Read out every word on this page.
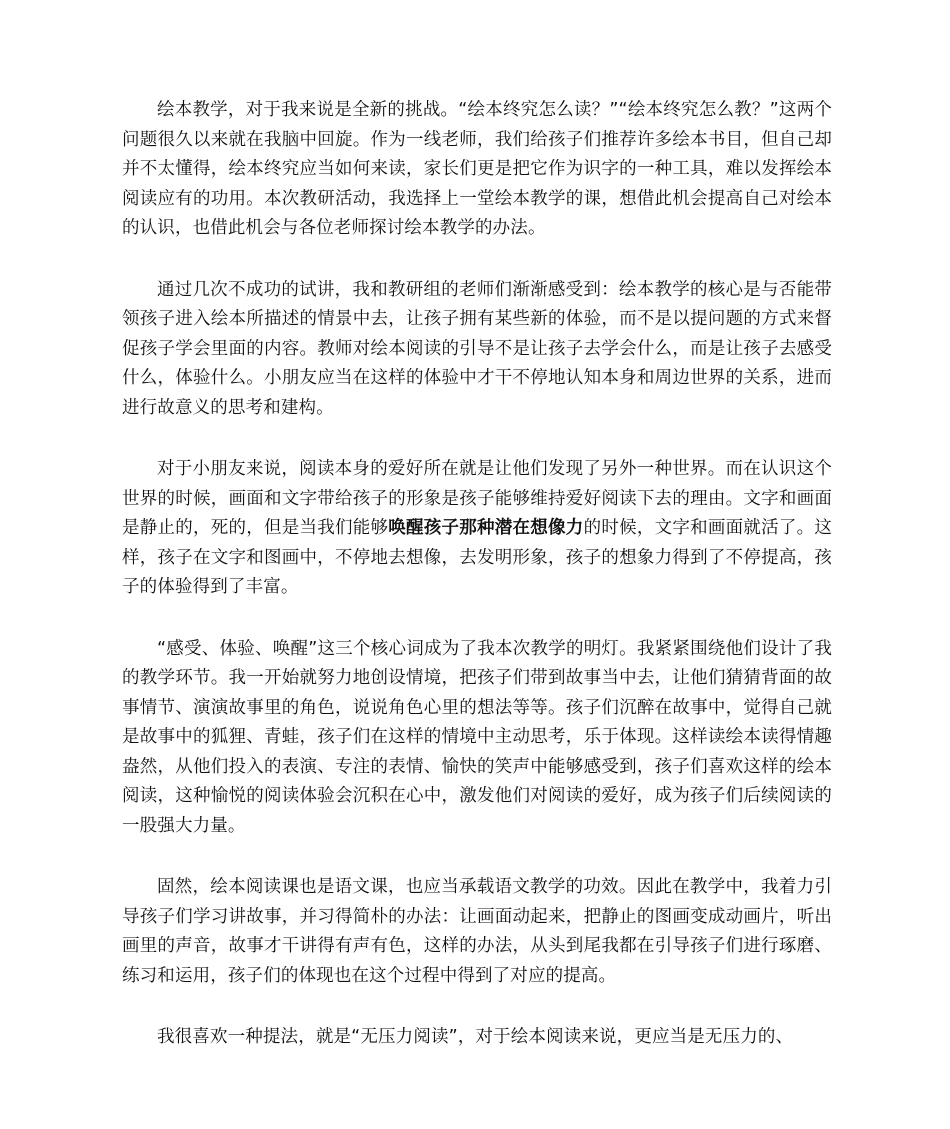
绘本教学，对于我来说是全新的挑战。“绘本终究怎么读？”“绘本终究怎么教？”这两个问题很久以来就在我脑中回旋。作为一线老师，我们给孩子们推荐许多绘本书目，但自己却并不太懂得，绘本终究应当如何来读，家长们更是把它作为识字的一种工具，难以发挥绘本阅读应有的功用。本次教研活动，我选择上一堂绘本教学的课，想借此机会提高自己对绘本的认识，也借此机会与各位老师探讨绘本教学的办法。

通过几次不成功的试讲，我和教研组的老师们渐渐感受到：绘本教学的核心是与否能带领孩子进入绘本所描述的情景中去，让孩子拥有某些新的体验，而不是以提问题的方式来督促孩子学会里面的内容。教师对绘本阅读的引导不是让孩子去学会什么，而是让孩子去感受什么，体验什么。小朋友应当在这样的体验中才干不停地认知本身和周边世界的关系，进而进行故意义的思考和建构。

对于小朋友来说，阅读本身的爱好所在就是让他们发现了另外一种世界。而在认识这个世界的时候，画面和文字带给孩子的形象是孩子能够维持爱好阅读下去的理由。文字和画面是静止的，死的，但是当我们能够唤醒孩子那种潜在想像力的时候，文字和画面就活了。这样，孩子在文字和图画中，不停地去想像，去发明形象，孩子的想象力得到了不停提高，孩子的体验得到了丰富。

“感受、体验、唤醒”这三个核心词成为了我本次教学的明灯。我紧紧围绕他们设计了我的教学环节。我一开始就努力地创设情境，把孩子们带到故事当中去，让他们猜猜背面的故事情节、演演故事里的角色，说说角色心里的想法等等。孩子们沉醉在故事中，觉得自己就是故事中的狐狸、青蛙，孩子们在这样的情境中主动思考，乐于体现。这样读绘本读得情趣盎然，从他们投入的表演、专注的表情、愉快的笑声中能够感受到，孩子们喜欢这样的绘本阅读，这种愉悦的阅读体验会沉积在心中，激发他们对阅读的爱好，成为孩子们后续阅读的一股强大力量。

固然，绘本阅读课也是语文课，也应当承载语文教学的功效。因此在教学中，我着力引导孩子们学习讲故事，并习得简朴的办法：让画面动起来，把静止的图画变成动画片，听出画里的声音，故事才干讲得有声有色，这样的办法，从头到尾我都在引导孩子们进行琢磨、练习和运用，孩子们的体现也在这个过程中得到了对应的提高。

我很喜欢一种提法，就是“无压力阅读”，对于绘本阅读来说，更应当是无压力的、
